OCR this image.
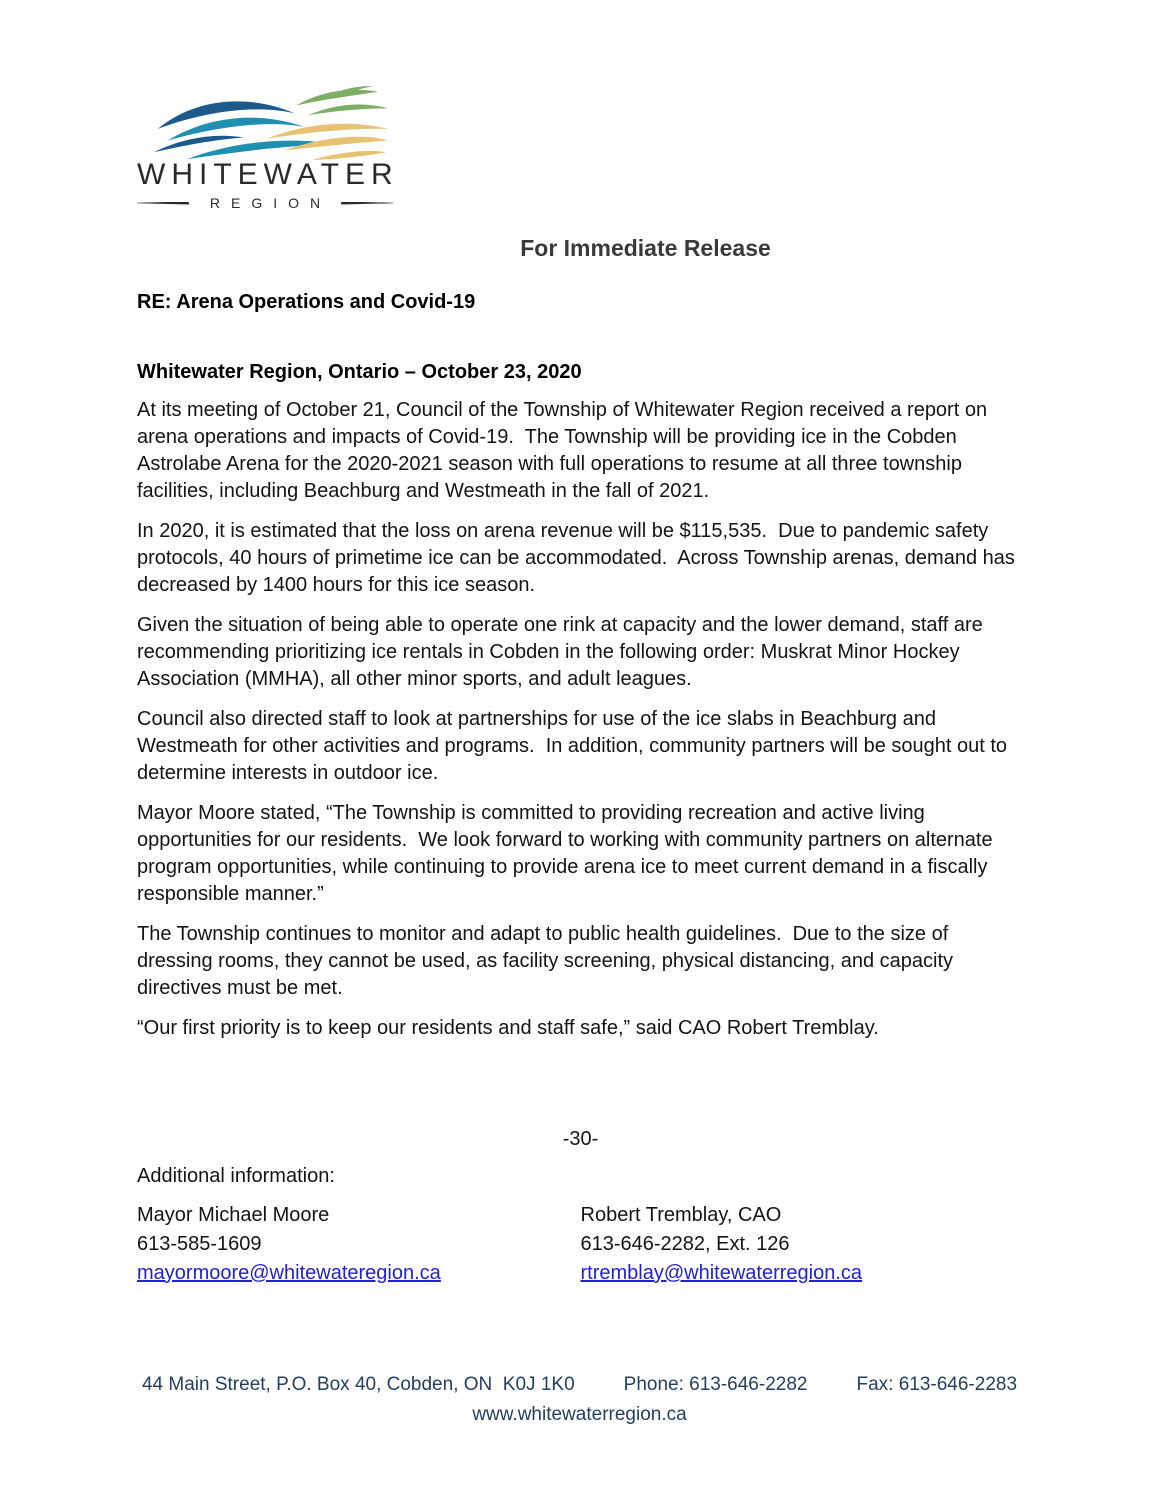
WHITEWATER
REGION
For Immediate Release
RE: Arena Operations and Covid-19
Whitewater Region, Ontario – October 23, 2020

At its meeting of October 21, Council of the Township of Whitewater Region received a report on arena operations and impacts of Covid-19.  The Township will be providing ice in the Cobden Astrolabe Arena for the 2020-2021 season with full operations to resume at all three township facilities, including Beachburg and Westmeath in the fall of 2021.

In 2020, it is estimated that the loss on arena revenue will be $115,535.  Due to pandemic safety protocols, 40 hours of primetime ice can be accommodated.  Across Township arenas, demand has decreased by 1400 hours for this ice season.

Given the situation of being able to operate one rink at capacity and the lower demand, staff are recommending prioritizing ice rentals in Cobden in the following order: Muskrat Minor Hockey Association (MMHA), all other minor sports, and adult leagues.

Council also directed staff to look at partnerships for use of the ice slabs in Beachburg and Westmeath for other activities and programs.  In addition, community partners will be sought out to determine interests in outdoor ice.

Mayor Moore stated, “The Township is committed to providing recreation and active living opportunities for our residents.  We look forward to working with community partners on alternate program opportunities, while continuing to provide arena ice to meet current demand in a fiscally responsible manner.”

The Township continues to monitor and adapt to public health guidelines.  Due to the size of dressing rooms, they cannot be used, as facility screening, physical distancing, and capacity directives must be met.

“Our first priority is to keep our residents and staff safe,” said CAO Robert Tremblay.

-30-
Additional information:
Mayor Michael Moore
613-585-1609
mayormoore@whitewateregion.ca
Robert Tremblay, CAO
613-646-2282, Ext. 126
rtremblay@whitewaterregion.ca
44 Main Street, P.O. Box 40, Cobden, ON  K0J 1K0	Phone: 613-646-2282	Fax: 613-646-2283
www.whitewaterregion.ca
